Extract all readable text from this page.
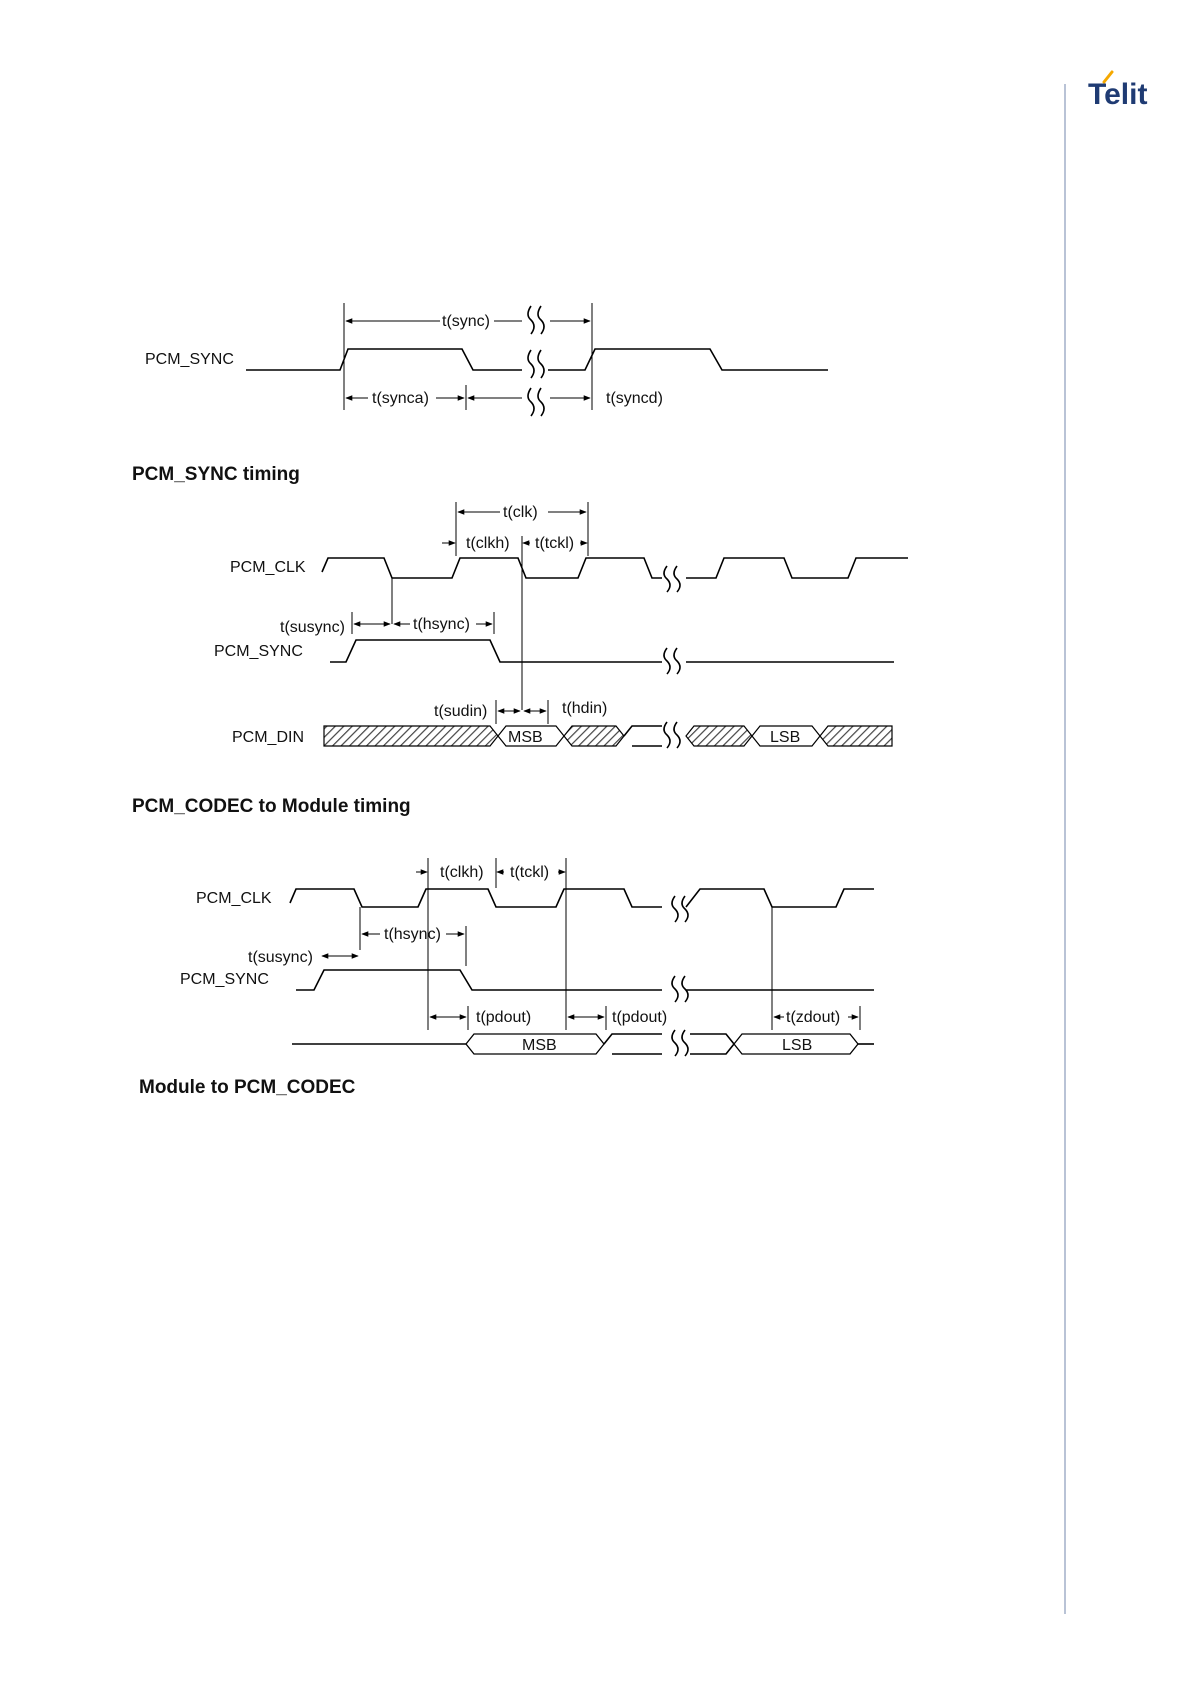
Telit
PCM_SYNC
t(sync)
t(synca)	t(syncd)
PCM_CLK
t(clk)
t(clkh) t(tckl)
PCM_SYNC
t(susync)	t(hsync)
PCM_DIN	MSB	LSB
t(sudin)	t(hdin)
PCM_CLK
t(clkh) t(tckl)
PCM_SYNC
t(hsync)
t(susync)
MSB	LSB
t(pdout)	t(pdout)	t(zdout)
PCM_SYNC timing
PCM_CODEC to Module timing
Module to PCM_CODEC
